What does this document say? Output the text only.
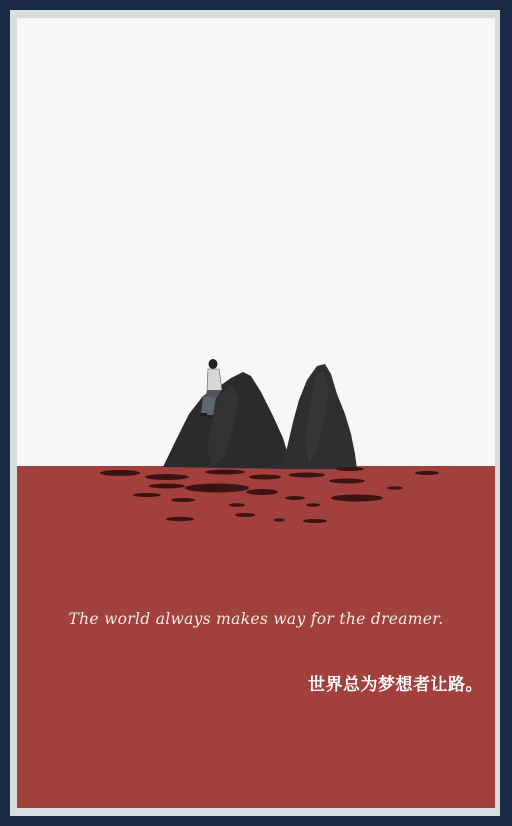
The world always makes way for the dreamer.
世界总为梦想者让路。
